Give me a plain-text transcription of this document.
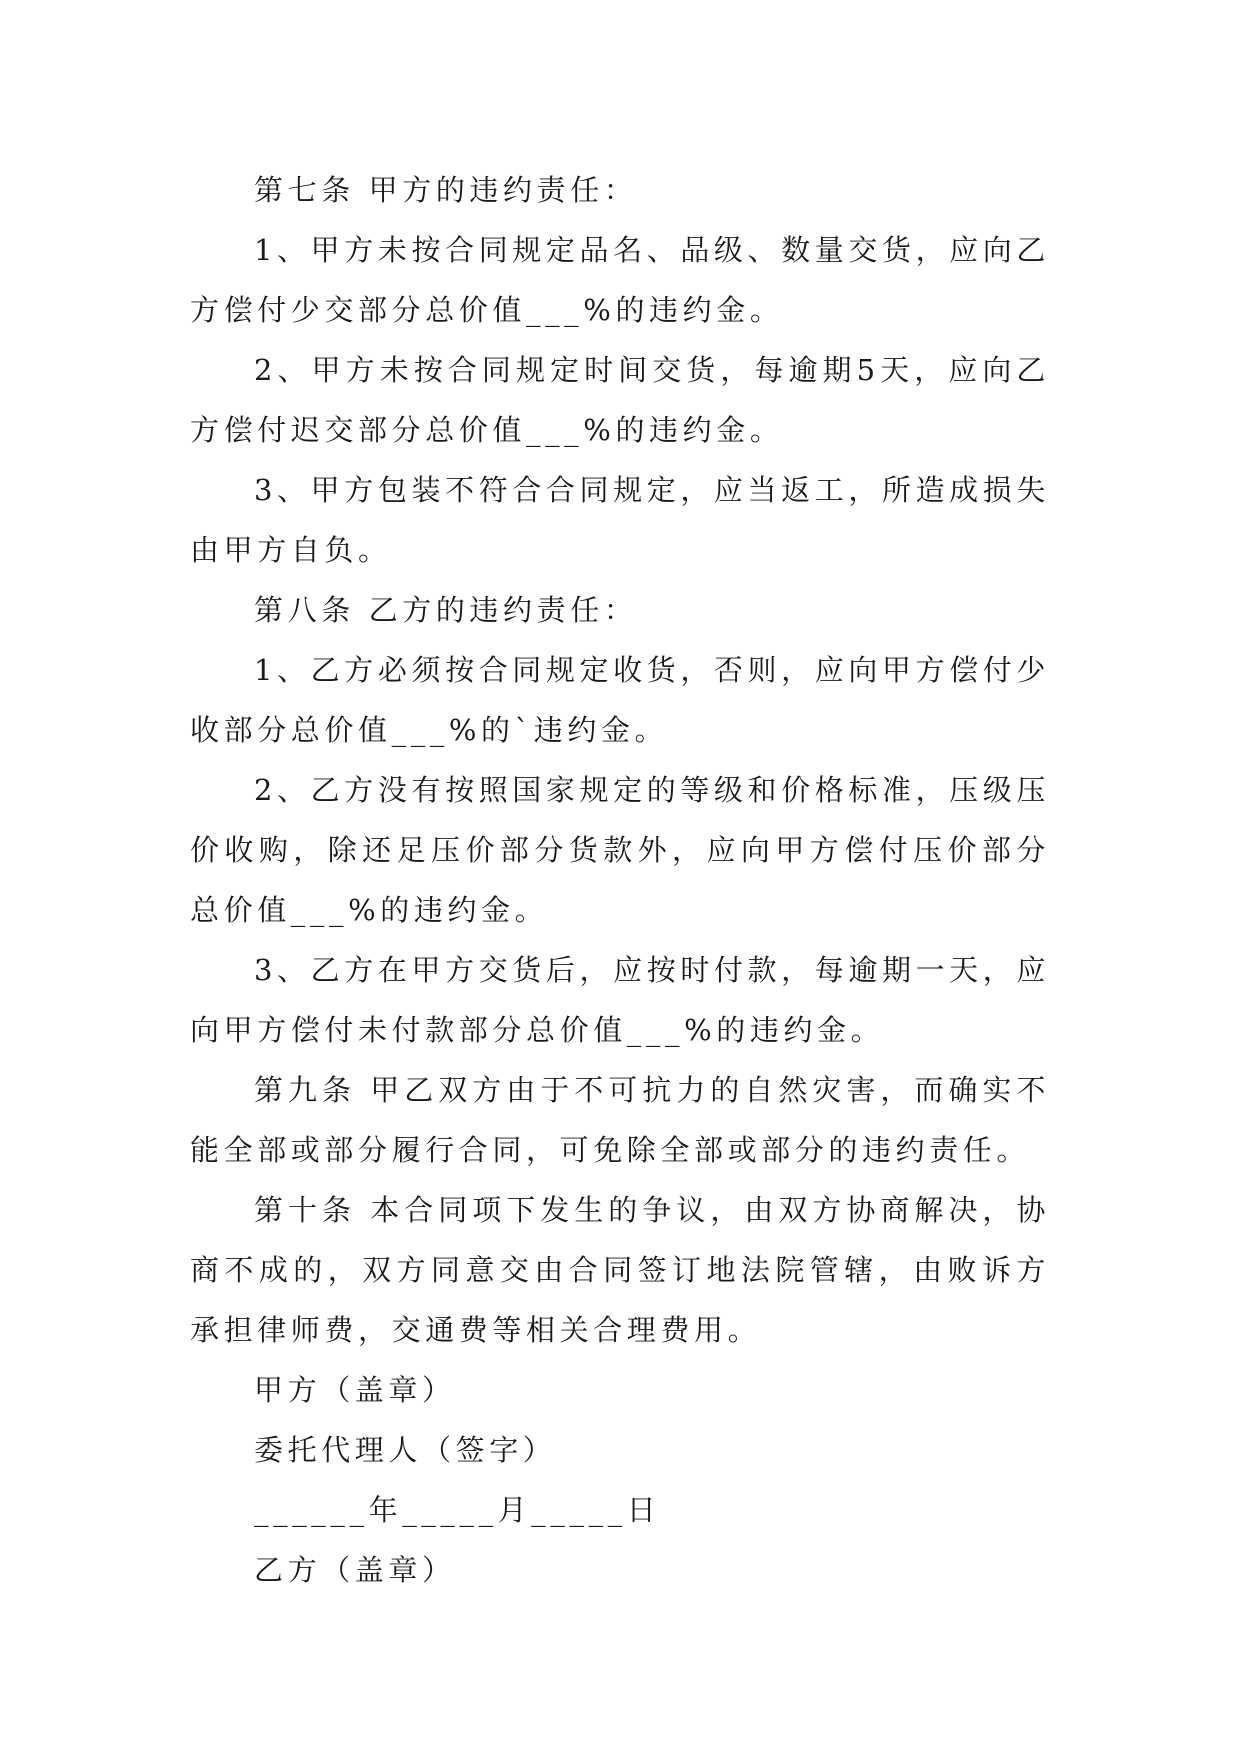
第七条 甲方的违约责任：

1、甲方未按合同规定品名、品级、数量交货，应向乙方偿付少交部分总价值___%的违约金。

2、甲方未按合同规定时间交货，每逾期5天，应向乙方偿付迟交部分总价值___%的违约金。

3、甲方包装不符合合同规定，应当返工，所造成损失由甲方自负。

第八条 乙方的违约责任：

1、乙方必须按合同规定收货，否则，应向甲方偿付少收部分总价值___%的`违约金。

2、乙方没有按照国家规定的等级和价格标准，压级压价收购，除还足压价部分货款外，应向甲方偿付压价部分总价值___%的违约金。

3、乙方在甲方交货后，应按时付款，每逾期一天，应向甲方偿付未付款部分总价值___%的违约金。

第九条 甲乙双方由于不可抗力的自然灾害，而确实不能全部或部分履行合同，可免除全部或部分的违约责任。

第十条 本合同项下发生的争议，由双方协商解决，协商不成的，双方同意交由合同签订地法院管辖，由败诉方承担律师费，交通费等相关合理费用。

甲方（盖章）

委托代理人（签字）

______年_____月_____日

乙方（盖章）
